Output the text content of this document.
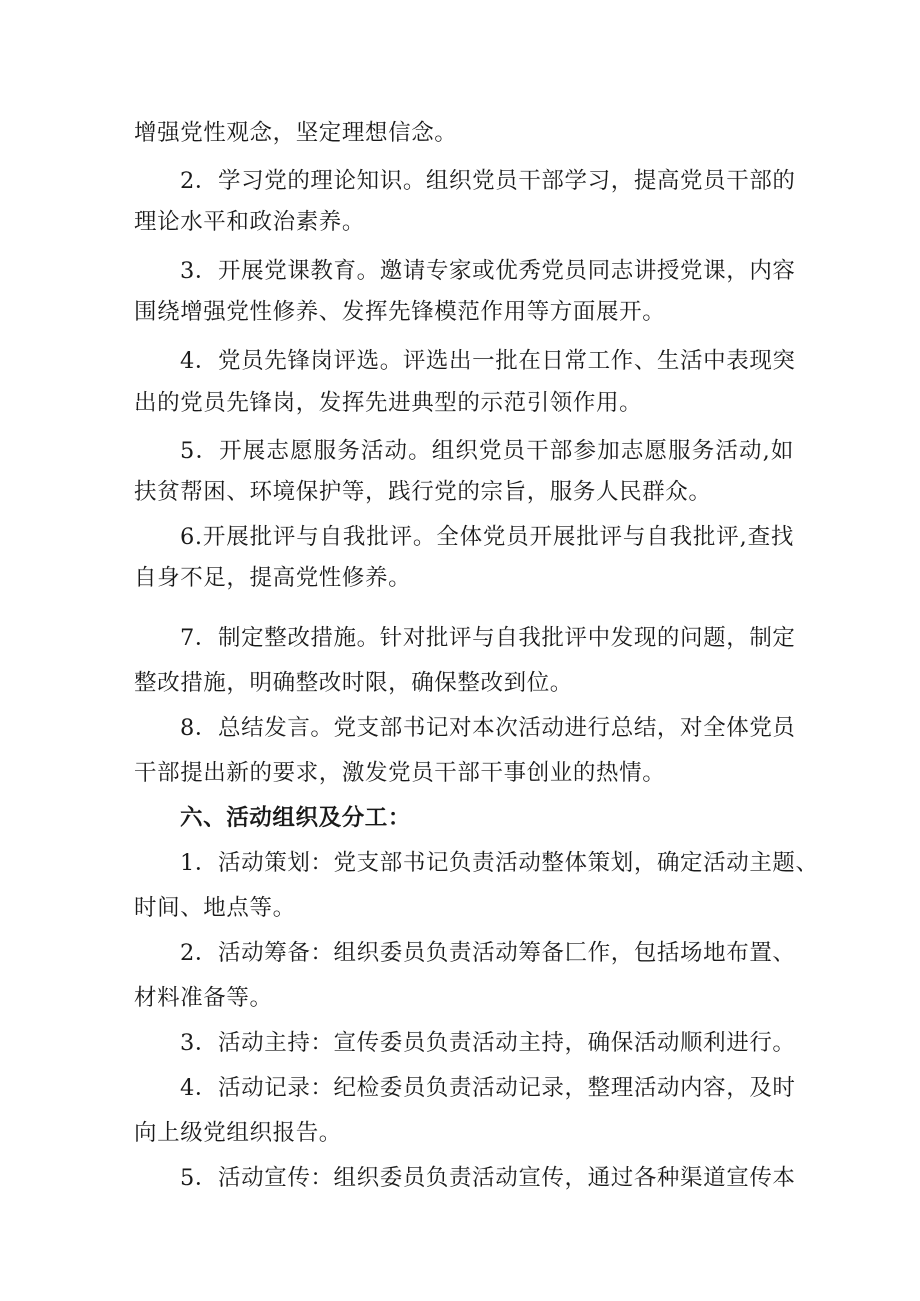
增强党性观念，坚定理想信念。

2．学习党的理论知识。组织党员干部学习，提高党员干部的

理论水平和政治素养。

3．开展党课教育。邀请专家或优秀党员同志讲授党课，内容

围绕增强党性修养、发挥先锋模范作用等方面展开。

4．党员先锋岗评选。评选出一批在日常工作、生活中表现突

出的党员先锋岗，发挥先进典型的示范引领作用。

5．开展志愿服务活动。组织党员干部参加志愿服务活动,如

扶贫帮困、环境保护等，践行党的宗旨，服务人民群众。

6.开展批评与自我批评。全体党员开展批评与自我批评,查找

自身不足，提高党性修养。

7．制定整改措施。针对批评与自我批评中发现的问题，制定

整改措施，明确整改时限，确保整改到位。

8．总结发言。党支部书记对本次活动进行总结，对全体党员

干部提出新的要求，激发党员干部干事创业的热情。

六、活动组织及分工：

1．活动策划：党支部书记负责活动整体策划，确定活动主题、

时间、地点等。

2．活动筹备：组织委员负责活动筹备匚作，包括场地布置、

材料准备等。

3．活动主持：宣传委员负责活动主持，确保活动顺利进行。

4．活动记录：纪检委员负责活动记录，整理活动内容，及时

向上级党组织报告。

5．活动宣传：组织委员负责活动宣传，通过各种渠道宣传本
